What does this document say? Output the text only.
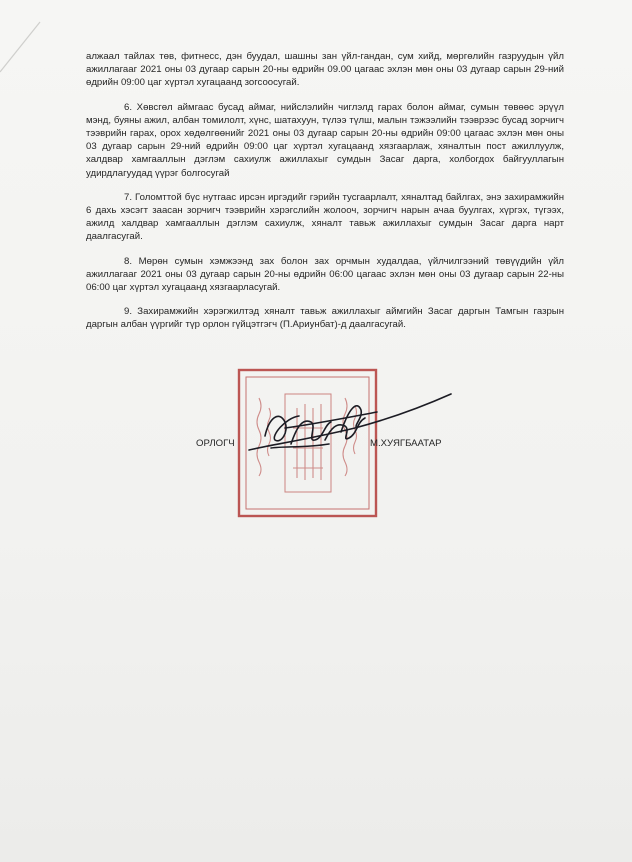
алжаал тайлах төв, фитнесс, дэн буудал, шашны зан үйл-гандан, сум хийд, мөргөлийн газруудын үйл ажиллагааг 2021 оны 03 дугаар сарын 20-ны өдрийн 09.00 цагаас эхлэн мөн оны 03 дугаар сарын 29-ний өдрийн 09:00 цаг хүртэл хугацаанд зогсоосугай.

6. Хөвсгөл аймгаас бусад аймаг, нийслэлийн чиглэлд гарах болон аймаг, сумын төвөөс эрүүл мэнд, буяны ажил, албан томилолт, хүнс, шатахуун, түлээ түлш, малын тэжээлийн тээврээс бусад зорчигч тээврийн гарах, орох хөдөлгөөнийг 2021 оны 03 дугаар сарын 20-ны өдрийн 09:00 цагаас эхлэн мөн оны 03 дугаар сарын 29-ний өдрийн 09:00 цаг хүртэл хугацаанд хязгаарлаж, хяналтын пост ажиллуулж, халдвар хамгааллын дэглэм сахиулж ажиллахыг сумдын Засаг дарга, холбогдох байгууллагын удирдлагуудад үүрэг болгосугай

7. Голомттой бүс нутгаас ирсэн иргэдийг гэрийн тусгаарлалт, хяналтад байлгах, энэ захирамжийн 6 дахь хэсэгт заасан зорчигч тээврийн хэрэгслийн жолооч, зорчигч нарын ачаа буулгах, хүргэх, түгээх, ажилд халдвар хамгааллын дэглэм сахиулж, хяналт тавьж ажиллахыг сумдын Засаг дарга нарт даалгасугай.

8. Мөрөн сумын хэмжээнд зах болон зах орчмын худалдаа, үйлчилгээний төвүүдийн үйл ажиллагааг 2021 оны 03 дугаар сарын 20-ны өдрийн 06:00 цагаас эхлэн мөн оны 03 дугаар сарын 22-ны 06:00 цаг хүртэл хугацаанд хязгаарласугай.

9. Захирамжийн хэрэгжилтэд хяналт тавьж ажиллахыг аймгийн Засаг даргын Тамгын газрын даргын албан үүргийг түр орлон гүйцэтгэгч (П.Ариунбат)-д даалгасугай.

ОРЛОГЧ	М.ХУЯГБААТАР
